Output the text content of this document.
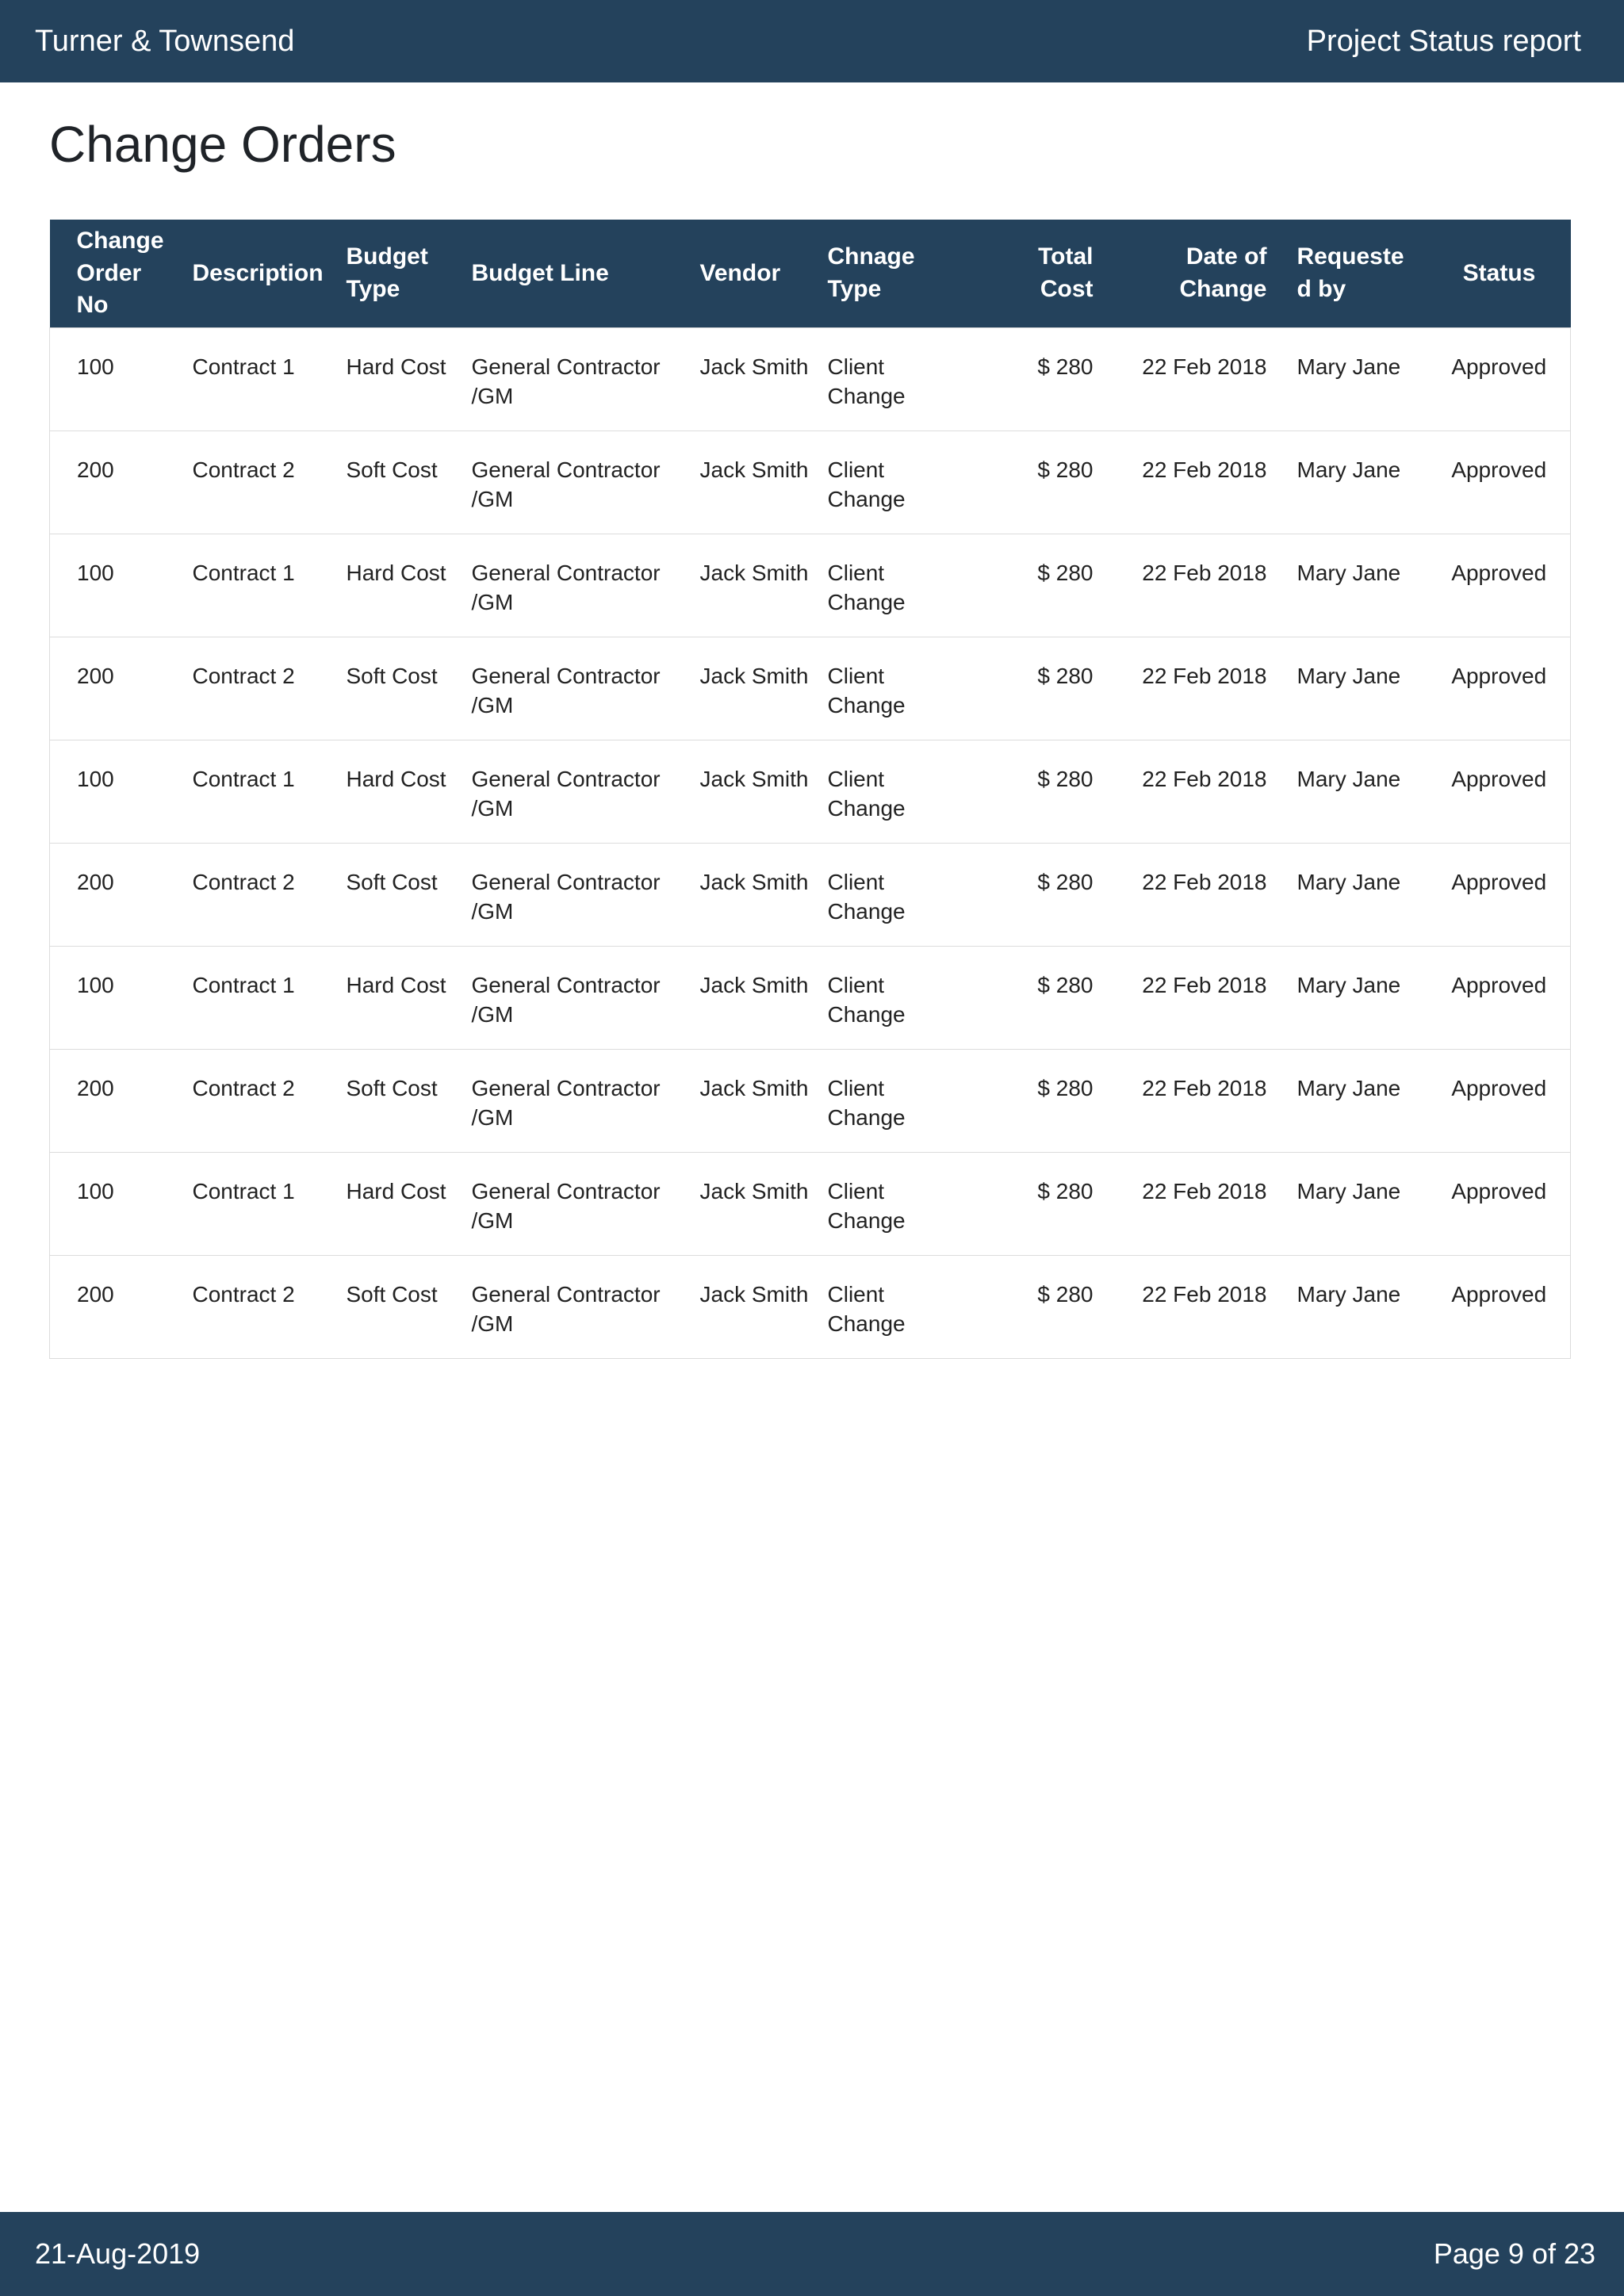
Turner & Townsend	Project Status report
Change Orders
Change Order No	Description	Budget Type	Budget Line	Vendor	Chnage Type	Total Cost	Date of Change	Requested by	Status
100	Contract 1	Hard Cost	General Contractor /GM	Jack Smith	Client Change	$ 280	22 Feb 2018	Mary Jane	Approved
200	Contract 2	Soft Cost	General Contractor /GM	Jack Smith	Client Change	$ 280	22 Feb 2018	Mary Jane	Approved
100	Contract 1	Hard Cost	General Contractor /GM	Jack Smith	Client Change	$ 280	22 Feb 2018	Mary Jane	Approved
200	Contract 2	Soft Cost	General Contractor /GM	Jack Smith	Client Change	$ 280	22 Feb 2018	Mary Jane	Approved
100	Contract 1	Hard Cost	General Contractor /GM	Jack Smith	Client Change	$ 280	22 Feb 2018	Mary Jane	Approved
200	Contract 2	Soft Cost	General Contractor /GM	Jack Smith	Client Change	$ 280	22 Feb 2018	Mary Jane	Approved
100	Contract 1	Hard Cost	General Contractor /GM	Jack Smith	Client Change	$ 280	22 Feb 2018	Mary Jane	Approved
200	Contract 2	Soft Cost	General Contractor /GM	Jack Smith	Client Change	$ 280	22 Feb 2018	Mary Jane	Approved
100	Contract 1	Hard Cost	General Contractor /GM	Jack Smith	Client Change	$ 280	22 Feb 2018	Mary Jane	Approved
200	Contract 2	Soft Cost	General Contractor /GM	Jack Smith	Client Change	$ 280	22 Feb 2018	Mary Jane	Approved
21-Aug-2019	Page 9 of 23
